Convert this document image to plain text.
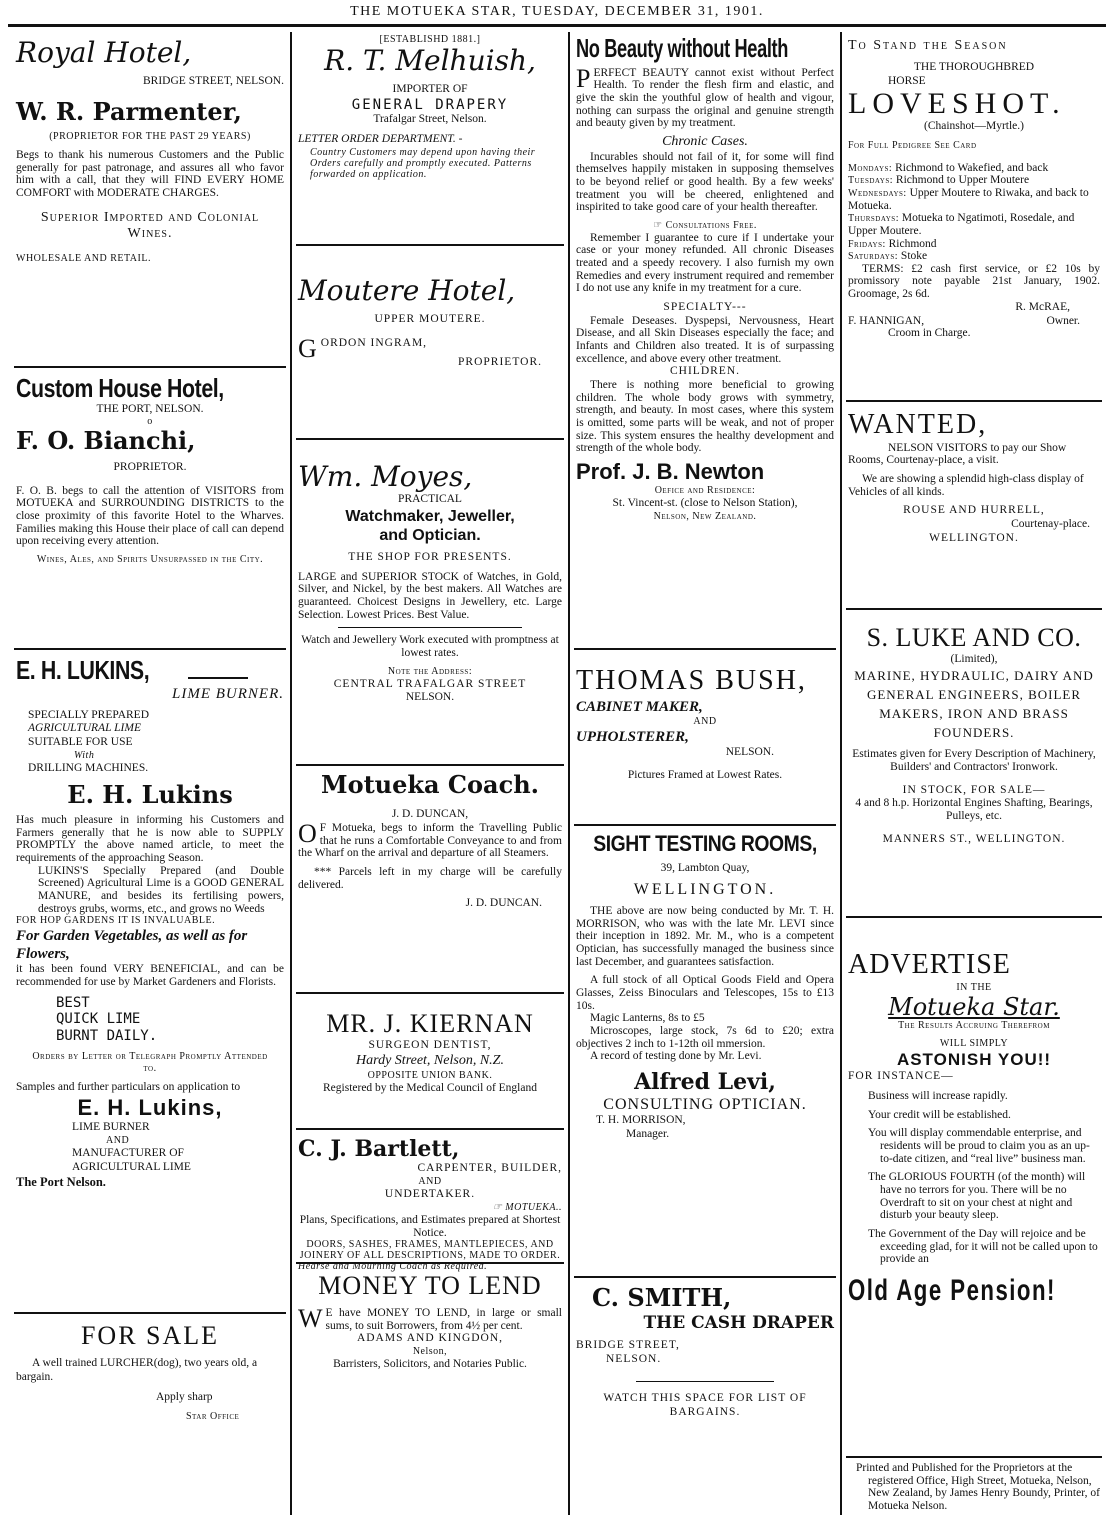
THE MOTUEKA STAR, TUESDAY, DECEMBER 31, 1901.
Royal Hotel,
BRIDGE STREET, NELSON.
W. R. Parmenter,
(PROPRIETOR FOR THE PAST 29 YEARS)
Begs to thank his numerous Customers and the Public generally for past patronage, and assures all who favor him with a call, that they will FIND EVERY HOME COMFORT with MODERATE CHARGES.
Superior Imported and Colonial Wines.
WHOLESALE AND RETAIL.
Custom House Hotel,
THE PORT, NELSON.
o
F. O. Bianchi,
PROPRIETOR.
F. O. B. begs to call the attention of VISITORS from MOTUEKA and SURROUNDING DISTRICTS to the close proximity of this favorite Hotel to the Wharves. Families making this House their place of call can depend upon receiving every attention.
Wines, Ales, and Spirits Unsurpassed in the City.
E. H. LUKINS,
LIME BURNER.
SPECIALLY PREPARED
AGRICULTURAL LIME
SUITABLE FOR USE
With
DRILLING MACHINES.
E. H. Lukins
Has much pleasure in informing his Customers and Farmers generally that he is now able to SUPPLY PROMPTLY the above named article, to meet the requirements of the approaching Season.
LUKINS'S Specially Prepared (and Double Screened) Agricultural Lime is a GOOD GENERAL MANURE, and besides its fertilising powers, destroys grubs, worms, etc., and grows no Weeds
FOR HOP GARDENS IT IS INVALUABLE.
For Garden Vegetables, as well as for Flowers,
it has been found VERY BENEFICIAL, and can be recommended for use by Market Gardeners and Florists.
BEST
QUICK LIME
BURNT DAILY.
Orders by Letter or Telegraph Promptly Attended to.
Samples and further particulars on application to
E. H. Lukins,
LIME BURNER
AND
MANUFACTURER OF
AGRICULTURAL LIME
The Port Nelson.
FOR SALE
A well trained LURCHER(dog), two years old, a bargain.
Apply sharp
Star Office
[ESTABLISHD 1881.]
R. T. Melhuish,
IMPORTER OF
GENERAL DRAPERY
Trafalgar Street, Nelson.
LETTER ORDER DEPARTMENT. -
Country Customers may depend upon having their Orders carefully and promptly executed. Patterns forwarded on application.
Moutere Hotel,
UPPER MOUTERE.
GORDON INGRAM,
PROPRIETOR.
Wm. Moyes,
PRACTICAL
Watchmaker, Jeweller,
and Optician.
THE SHOP FOR PRESENTS.
LARGE and SUPERIOR STOCK of Watches, in Gold, Silver, and Nickel, by the best makers. All Watches are guaranteed. Choicest Designs in Jewellery, etc. Large Selection. Lowest Prices. Best Value.
Watch and Jewellery Work executed with promptness at lowest rates.
Note the Address:
CENTRAL TRAFALGAR STREET
NELSON.
Motueka Coach.
J. D. DUNCAN,
OF Motueka, begs to inform the Travelling Public that he runs a Comfortable Conveyance to and from the Wharf on the arrival and departure of all Steamers.
*** Parcels left in my charge will be carefully delivered.
J. D. DUNCAN.
MR. J. KIERNAN
SURGEON DENTIST,
Hardy Street, Nelson, N.Z.
OPPOSITE UNION BANK.
Registered by the Medical Council of England
C. J. Bartlett,
CARPENTER, BUILDER,
AND
UNDERTAKER.
☞ MOTUEKA..
Plans, Specifications, and Estimates prepared at Shortest Notice.
DOORS, SASHES, FRAMES, MANTLEPIECES, AND JOINERY OF ALL DESCRIPTIONS, MADE TO ORDER.
Hearse and Mourning Coach as Required.
MONEY TO LEND
WE have MONEY TO LEND, in large or small sums, to suit Borrowers, from 4½ per cent.
ADAMS AND KINGDON,
Nelson,
Barristers, Solicitors, and Notaries Public.
No Beauty without Health
PERFECT BEAUTY cannot exist without Perfect Health. To render the flesh firm and elastic, and give the skin the youthful glow of health and vigour, nothing can surpass the original and genuine strength and beauty given by my treatment.
Chronic Cases.
Incurables should not fail of it, for some will find themselves happily mistaken in supposing themselves to be beyond relief or good health. By a few weeks' treatment you will be cheered, enlightened and inspirited to take good care of your health thereafter.
☞ Consultations Free.
Remember I guarantee to cure if I undertake your case or your money refunded. All chronic Diseases treated and a speedy recovery. I also furnish my own Remedies and every instrument required and remember I do not use any knife in my treatment for a cure.
SPECIALTY---
Female Deseases. Dyspepsi, Nervousness, Heart Disease, and all Skin Diseases especially the face; and Infants and Children also treated. It is of surpassing excellence, and above every other treatment.
CHILDREN.
There is nothing more beneficial to growing children. The whole body grows with symmetry, strength, and beauty. In most cases, where this system is omitted, some parts will be weak, and not of proper size. This system ensures the healthy development and strength of the whole body.
Prof. J. B. Newton
Oefice and Residence:
St. Vincent-st. (close to Nelson Station),
Nelson, New Zealand.
THOMAS BUSH,
CABINET MAKER,
AND
UPHOLSTERER,
NELSON.
Pictures Framed at Lowest Rates.
SIGHT TESTING ROOMS,
39, Lambton Quay,
WELLINGTON.
THE above are now being conducted by Mr. T. H. MORRISON, who was with the late Mr. LEVI since their inception in 1892. Mr. M., who is a competent Optician, has successfully managed the business since last December, and guarantees satisfaction.
A full stock of all Optical Goods Field and Opera Glasses, Zeiss Binoculars and Telescopes, 15s to £13 10s.
Magic Lanterns, 8s to £5
Microscopes, large stock, 7s 6d to £20; extra objectives 2 inch to 1-12th oil mmersion.
A record of testing done by Mr. Levi.
Alfred Levi,
CONSULTING OPTICIAN.
T. H. MORRISON,
Manager.
C. SMITH,
THE CASH DRAPER
BRIDGE STREET,
NELSON.
WATCH THIS SPACE FOR LIST OF BARGAINS.
To Stand the Season
THE THOROUGHBRED
HORSE
LOVESHOT.
(Chainshot—Myrtle.)
For Full Pedigree See Card
Mondays: Richmond to Wakefied, and back
Tuesdays: Richmond to Upper Moutere
Wednesdays: Upper Moutere to Riwaka, and back to Motueka.
Thursdays: Motueka to Ngatimoti, Rosedale, and Upper Moutere.
Fridays: Richmond
Saturdays: Stoke
TERMS: £2 cash first service, or £2 10s by promissory note payable 21st January, 1902. Groomage, 2s 6d.
R. McRAE,
F. HANNIGAN,	Owner.
Croom in Charge.
WANTED,
NELSON VISITORS to pay our Show Rooms, Courtenay-place, a visit.
We are showing a splendid high-class display of Vehicles of all kinds.
ROUSE AND HURRELL,
Courtenay-place.
WELLINGTON.
S. LUKE AND CO.
(Limited),
MARINE, HYDRAULIC, DAIRY AND GENERAL ENGINEERS, BOILER MAKERS, IRON AND BRASS FOUNDERS.
Estimates given for Every Description of Machinery,
Builders' and Contractors' Ironwork.
IN STOCK, FOR SALE—
4 and 8 h.p. Horizontal Engines Shafting, Bearings, Pulleys, etc.
MANNERS ST., WELLINGTON.
ADVERTISE
IN THE
Motueka Star.
The Results Accruing Therefrom
WILL SIMPLY
ASTONISH YOU!!
FOR INSTANCE—
Business will increase rapidly.
Your credit will be established.
You will display commendable enterprise, and residents will be proud to claim you as an up-to-date citizen, and “real live” business man.
The GLORIOUS FOURTH (of the month) will have no terrors for you. There will be no Overdraft to sit on your chest at night and disturb your beauty sleep.
The Government of the Day will rejoice and be exceeding glad, for it will not be called upon to provide an
Old Age Pension!
Printed and Published for the Proprietors at the registered Office, High Street, Motueka, Nelson, New Zealand, by James Henry Boundy, Printer, of Motueka Nelson.
